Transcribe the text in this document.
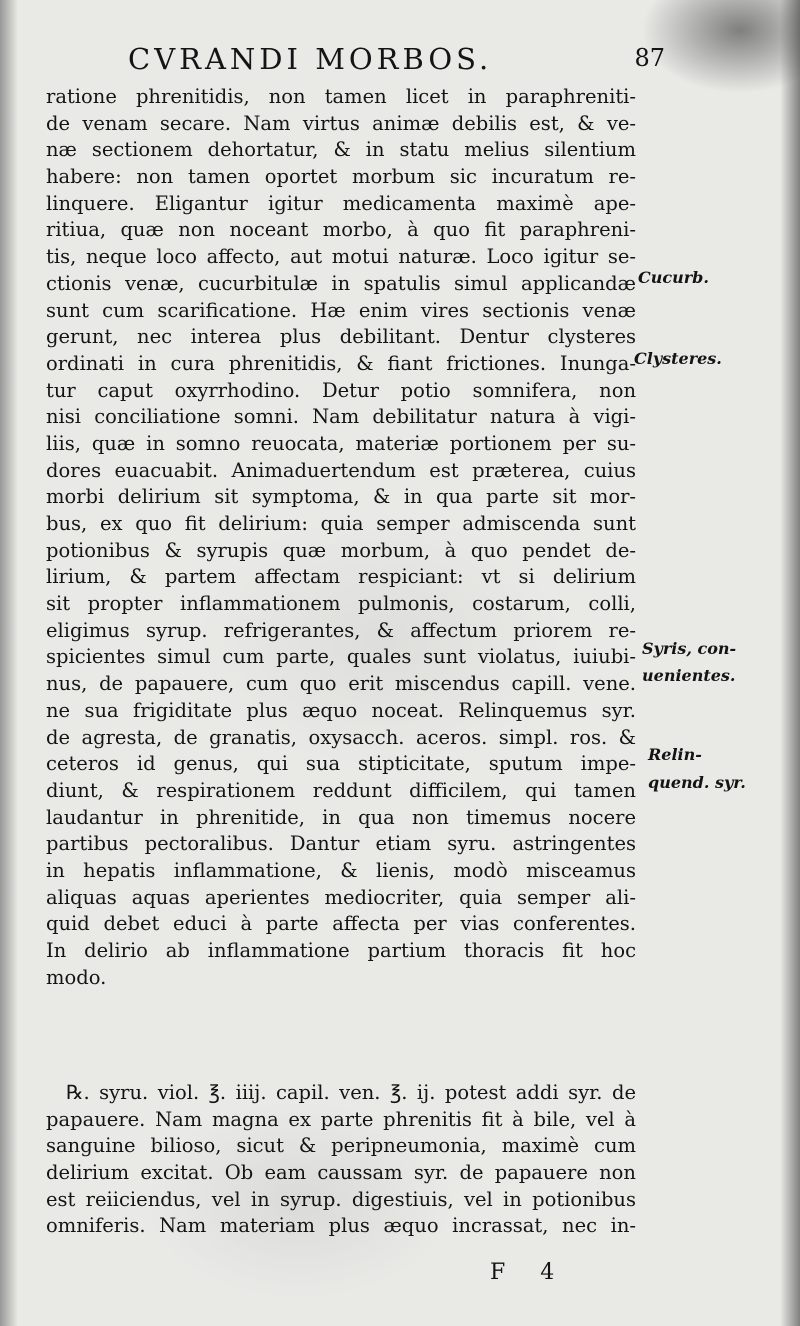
CVRANDI MORBOS.	87
ratione phrenitidis, non tamen licet in paraphreniti-
de venam secare. Nam virtus animæ debilis est, & ve-
næ sectionem dehortatur, & in statu melius silentium
habere: non tamen oportet morbum sic incuratum re-
linquere. Eligantur igitur medicamenta maximè ape-
ritiua, quæ non noceant morbo, à quo fit paraphreni-
tis, neque loco affecto, aut motui naturæ. Loco igitur se-
ctionis venæ, cucurbitulæ in spatulis simul applicandæ
sunt cum scarificatione. Hæ enim vires sectionis venæ
gerunt, nec interea plus debilitant. Dentur clysteres
ordinati in cura phrenitidis, & fiant frictiones. Inunga-
tur caput oxyrrhodino. Detur potio somnifera, non
nisi conciliatione somni. Nam debilitatur natura à vigi-
liis, quæ in somno reuocata, materiæ portionem per su-
dores euacuabit. Animaduertendum est præterea, cuius
morbi delirium sit symptoma, & in qua parte sit mor-
bus, ex quo fit delirium: quia semper admiscenda sunt
potionibus & syrupis quæ morbum, à quo pendet de-
lirium, & partem affectam respiciant: vt si delirium
sit propter inflammationem pulmonis, costarum, colli,
eligimus syrup. refrigerantes, & affectum priorem re-
spicientes simul cum parte, quales sunt violatus, iuiubi-
nus, de papauere, cum quo erit miscendus capill. vene.
ne sua frigiditate plus æquo noceat. Relinquemus syr.
de agresta, de granatis, oxysacch. aceros. simpl. ros. &
ceteros id genus, qui sua stipticitate, sputum impe-
diunt, & respirationem reddunt difficilem, qui tamen
laudantur in phrenitide, in qua non timemus nocere
partibus pectoralibus. Dantur etiam syru. astringentes
in hepatis inflammatione, & lienis, modò misceamus
aliquas aquas aperientes mediocriter, quia semper ali-
quid debet educi à parte affecta per vias conferentes.
In delirio ab inflammatione partium thoracis fit hoc
modo.
℞. syru. viol. ℥. iiij. capil. ven. ℥. ij. potest addi syr. de
papauere. Nam magna ex parte phrenitis fit à bile, vel à
sanguine bilioso, sicut & peripneumonia, maximè cum
delirium excitat. Ob eam caussam syr. de papauere non
est reiiciendus, vel in syrup. digestiuis, vel in potionibus
omniferis. Nam materiam plus æquo incrassat, nec in-
Cucurb.
Clysteres.
Syris, con-
uenientes.
Relin-
quend. syr.
F 4
